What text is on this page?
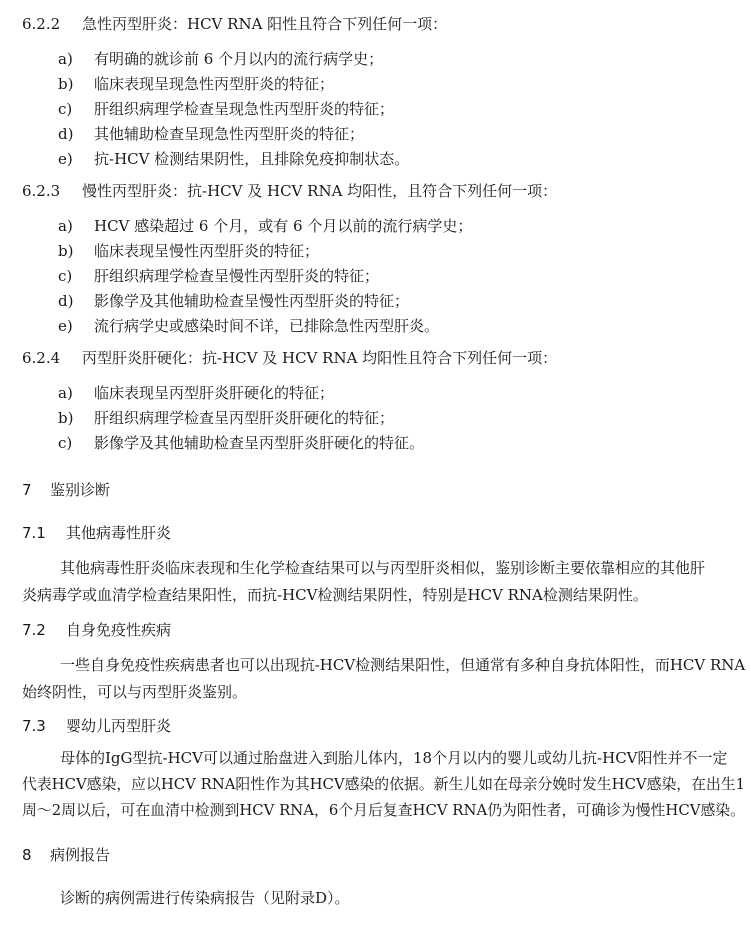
6.2.2 急性丙型肝炎：HCV RNA 阳性且符合下列任何一项：
a) 有明确的就诊前 6 个月以内的流行病学史；
b) 临床表现呈现急性丙型肝炎的特征；
c) 肝组织病理学检查呈现急性丙型肝炎的特征；
d) 其他辅助检查呈现急性丙型肝炎的特征；
e) 抗-HCV 检测结果阴性，且排除免疫抑制状态。
6.2.3 慢性丙型肝炎：抗-HCV 及 HCV RNA 均阳性，且符合下列任何一项：
a) HCV 感染超过 6 个月，或有 6 个月以前的流行病学史；
b) 临床表现呈慢性丙型肝炎的特征；
c) 肝组织病理学检查呈慢性丙型肝炎的特征；
d) 影像学及其他辅助检查呈慢性丙型肝炎的特征；
e) 流行病学史或感染时间不详，已排除急性丙型肝炎。
6.2.4 丙型肝炎肝硬化：抗-HCV 及 HCV RNA 均阳性且符合下列任何一项：
a) 临床表现呈丙型肝炎肝硬化的特征；
b) 肝组织病理学检查呈丙型肝炎肝硬化的特征；
c) 影像学及其他辅助检查呈丙型肝炎肝硬化的特征。
7 鉴别诊断
7.1 其他病毒性肝炎
其他病毒性肝炎临床表现和生化学检查结果可以与丙型肝炎相似，鉴别诊断主要依靠相应的其他肝
炎病毒学或血清学检查结果阳性，而抗-HCV检测结果阴性，特别是HCV RNA检测结果阴性。
7.2 自身免疫性疾病
一些自身免疫性疾病患者也可以出现抗-HCV检测结果阳性，但通常有多种自身抗体阳性，而HCV RNA
始终阴性，可以与丙型肝炎鉴别。
7.3 婴幼儿丙型肝炎
母体的IgG型抗-HCV可以通过胎盘进入到胎儿体内，18个月以内的婴儿或幼儿抗-HCV阳性并不一定
代表HCV感染，应以HCV RNA阳性作为其HCV感染的依据。新生儿如在母亲分娩时发生HCV感染，在出生1
周～2周以后，可在血清中检测到HCV RNA，6个月后复查HCV RNA仍为阳性者，可确诊为慢性HCV感染。
8 病例报告
诊断的病例需进行传染病报告（见附录D）。
